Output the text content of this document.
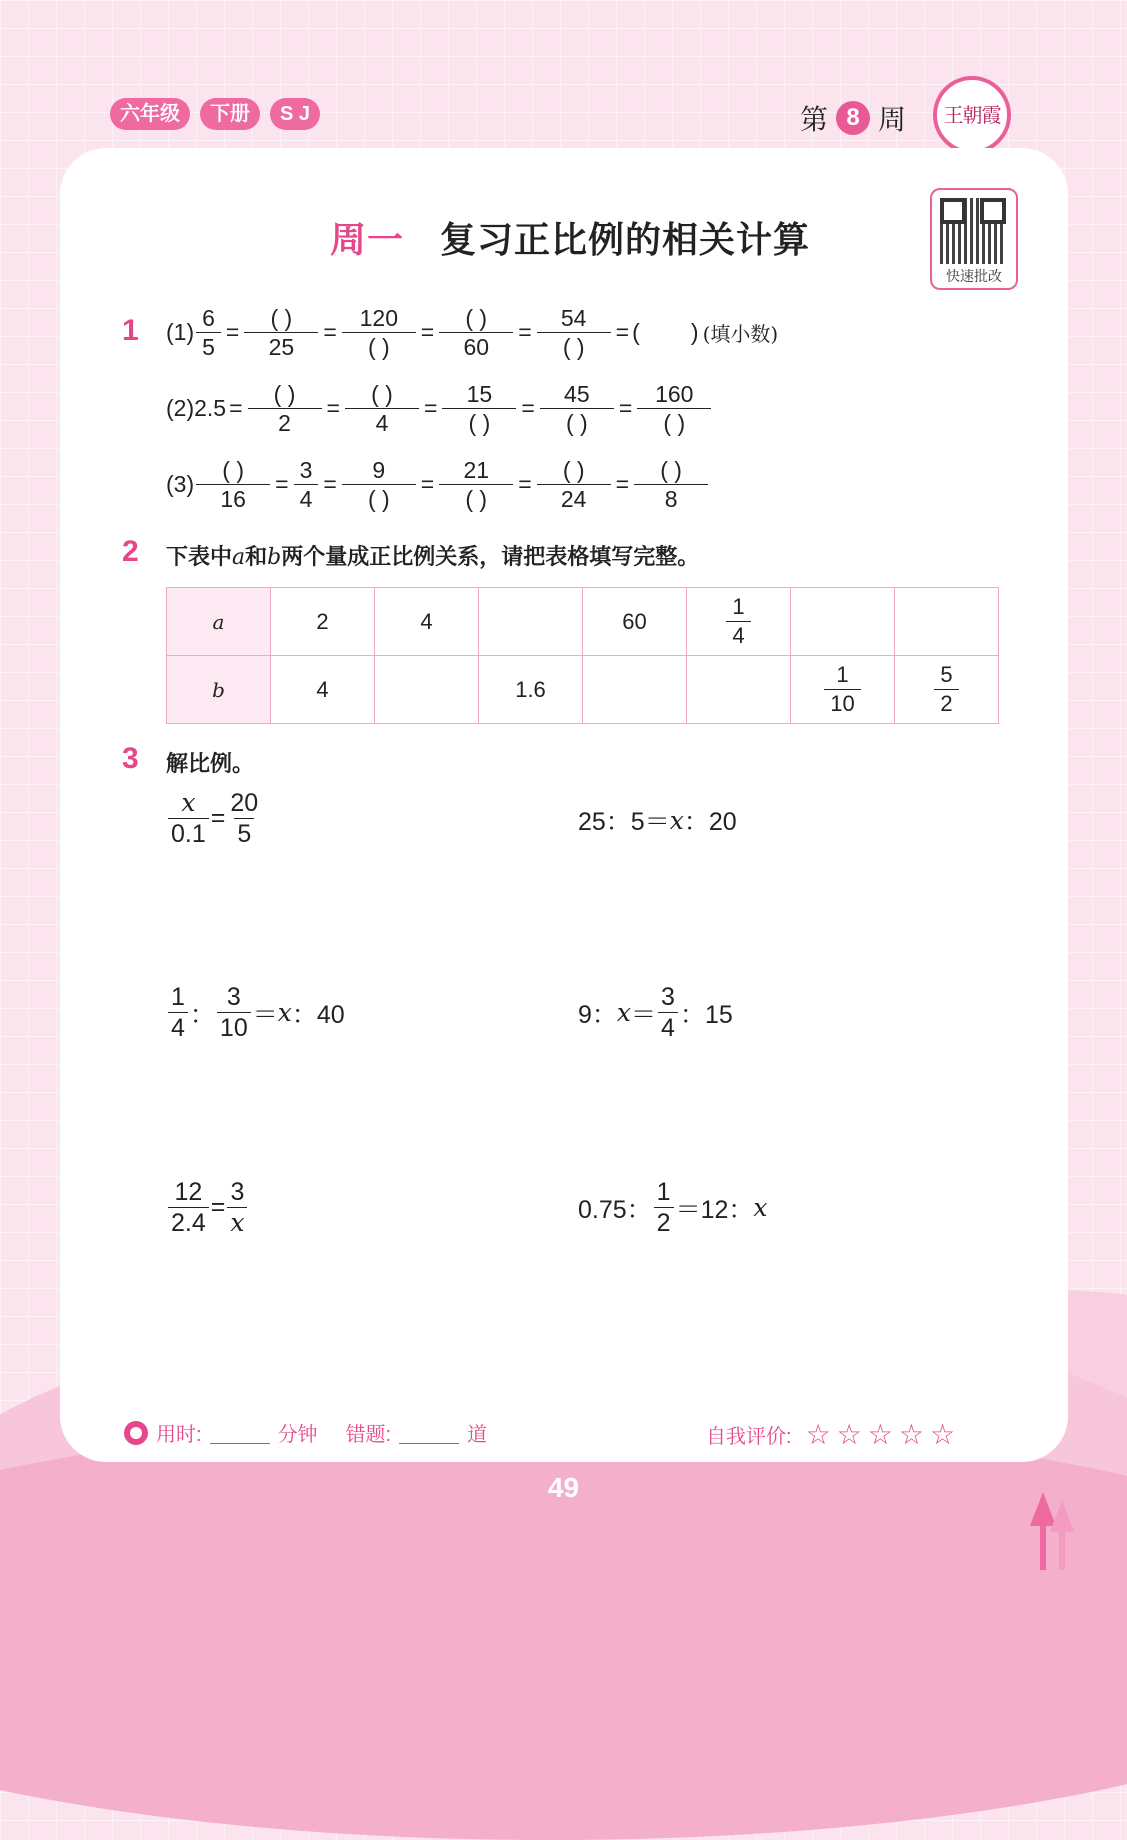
六年级	下册	S J	第 8 周	王朝霞
周一 复习正比例的相关计算
快速批改
1 $(1) \frac{6}{5} = \frac{( )}{25} = \frac{120}{( )} = \frac{( )}{60} = \frac{54}{( )}$ = (        ) (填小数)
$(2)2.5 = \frac{( )}{2} = \frac{( )}{4} = \frac{15}{( )} = \frac{45}{( )} = \frac{160}{( )}$
$(3) \frac{( )}{16} = \frac{3}{4} = \frac{9}{( )} = \frac{21}{( )} = \frac{( )}{24} = \frac{( )}{8}$
2 下表中a和b两个量成正比例关系，请把表格填写完整。
a	2	4		60	$\frac{1}{4}$

b	4		1.6			$\frac{1}{10}$	$\frac{5}{2}$
3 解比例。
$\frac{x}{0.1} = \frac{20}{5}$	25：5＝ x ：20
$\frac{1}{4}$ ： $\frac{3}{10} = x$ ：40	9： $x = \frac{3}{4}$ ：15
$\frac{12}{2.4} = \frac{3}{x}$	0.75： $\frac{1}{2} =12$： x
用时:	分钟 错题:	道	自我评价: ☆☆☆☆☆
49
